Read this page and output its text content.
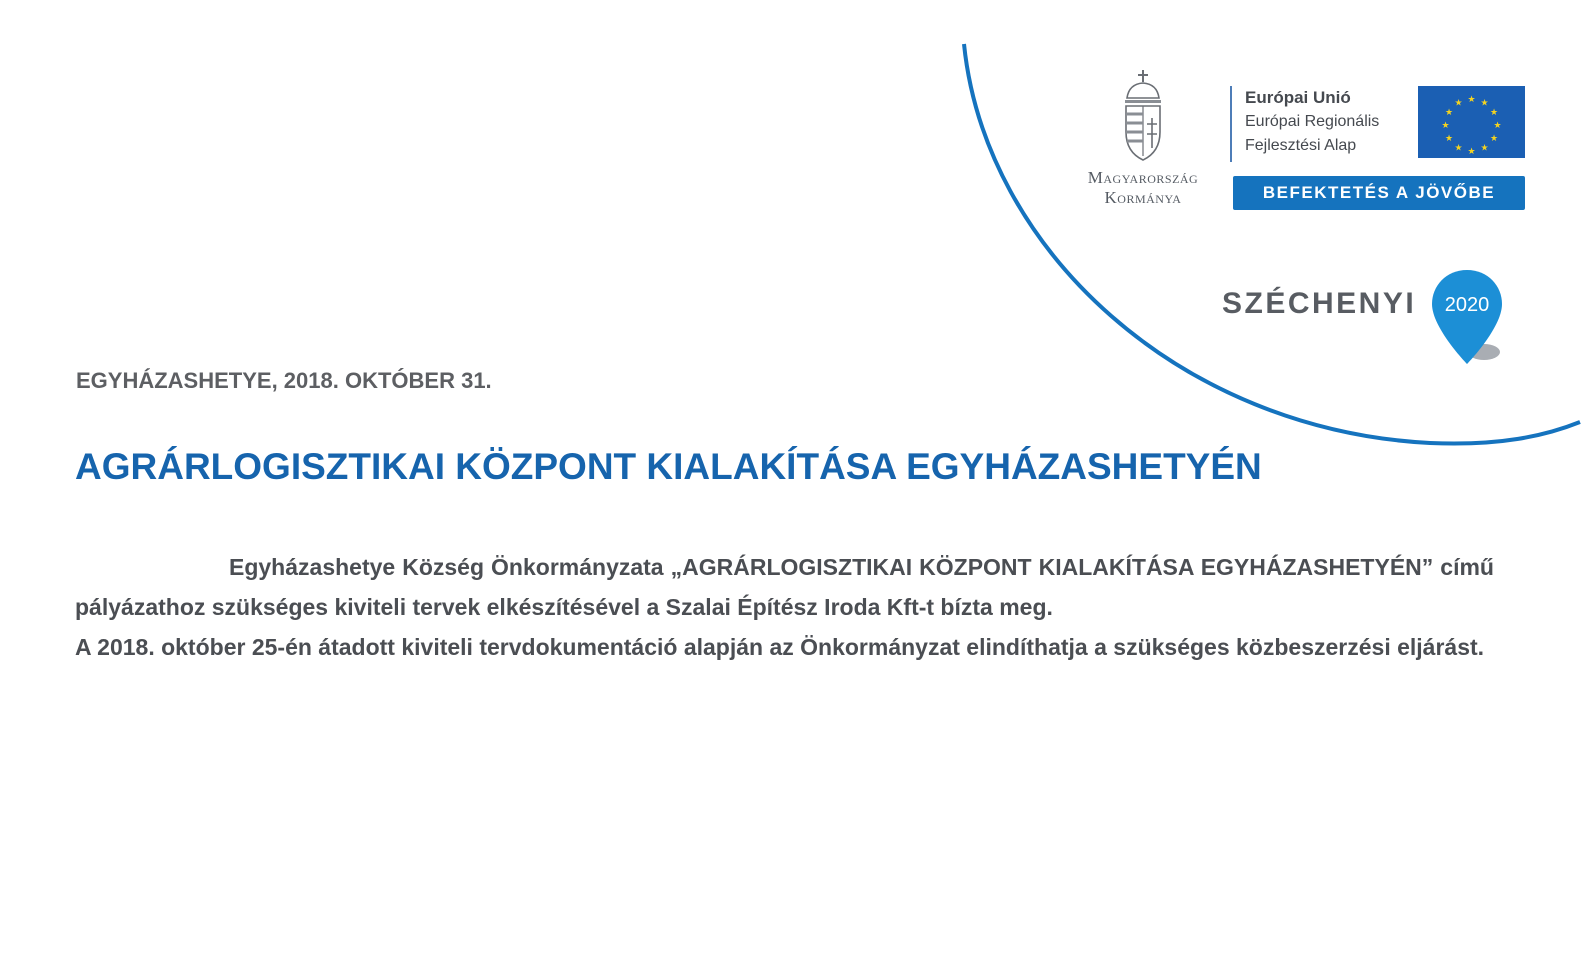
Magyarország
Kormánya
Európai Unió
Európai Regionális
Fejlesztési Alap
★ ★
★
★
★
★
★
★
★
★
★
★
BEFEKTETÉS A JÖVŐBE
SZÉCHENYI 2020
EGYHÁZASHETYE, 2018. OKTÓBER 31.
AGRÁRLOGISZTIKAI KÖZPONT KIALAKÍTÁSA EGYHÁZASHETYÉN

Egyházashetye Község Önkormányzata „AGRÁRLOGISZTIKAI KÖZPONT KIALAKÍTÁSA EGYHÁZASHETYÉN” című pályázathoz szükséges kiviteli tervek elkészítésével a Szalai Építész Iroda Kft-t bízta meg.

A 2018. október 25-én átadott kiviteli tervdokumentáció alapján az Önkormányzat elindíthatja a szükséges közbeszerzési eljárást.
